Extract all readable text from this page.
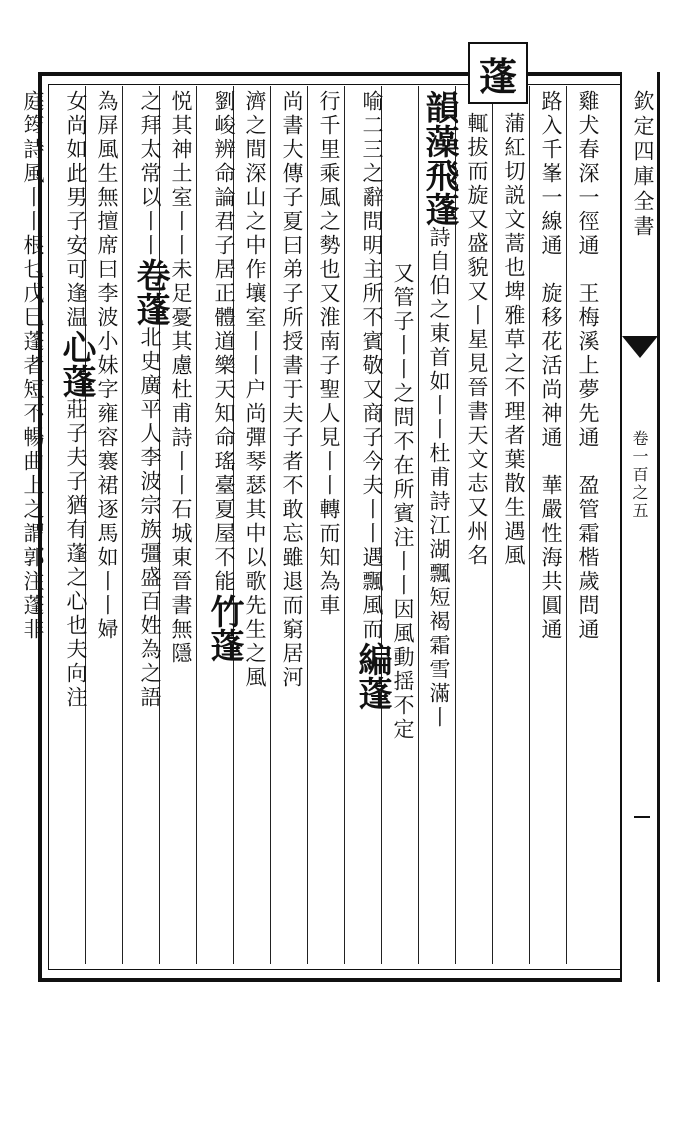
欽定四庫全書
卷一百之五
蓬
雞犬春深一徑通　王梅溪上夢先通　盈管霜楷歲問通
路入千峯一線通　旋移花活尚神通　華嚴性海共圓通
蒲紅切説文蒿也埤雅草之不理者葉散生遇風
輒拔而旋又盛貌又丨星見晉書天文志又州名
韻藻飛蓬詩自伯之東首如丨丨杜甫詩江湖飄短褐霜雪滿丨
又管子丨丨之問不在所賓注丨丨因風動揺不定
喻二三之辭問明主所不賓敬又商子今夫丨丨遇飄風而編蓬
行千里乘風之勢也又淮南子聖人見丨丨轉而知為車
尚書大傳子夏曰弟子所授書于夫子者不敢忘雖退而窮居河
濟之間深山之中作壤室丨丨户尚彈琴瑟其中以歌先生之風
劉峻辨命論君子居正體道樂天知命瑤臺夏屋不能竹蓬
悦其神土室丨丨未足憂其慮杜甫詩丨丨石城東晉書無隱
之拜太常以丨丨卷蓬北史廣平人李波宗族彊盛百姓為之語
為屏風生無擅席曰李波小妹字雍容褰裙逐馬如丨丨婦
女尚如此男子安可逢温心蓬莊子夫子猶有蓬之心也夫向注
庭筠詩風丨丨根乜戊巳蓬者短不暢曲上之謂郭注蓬非
